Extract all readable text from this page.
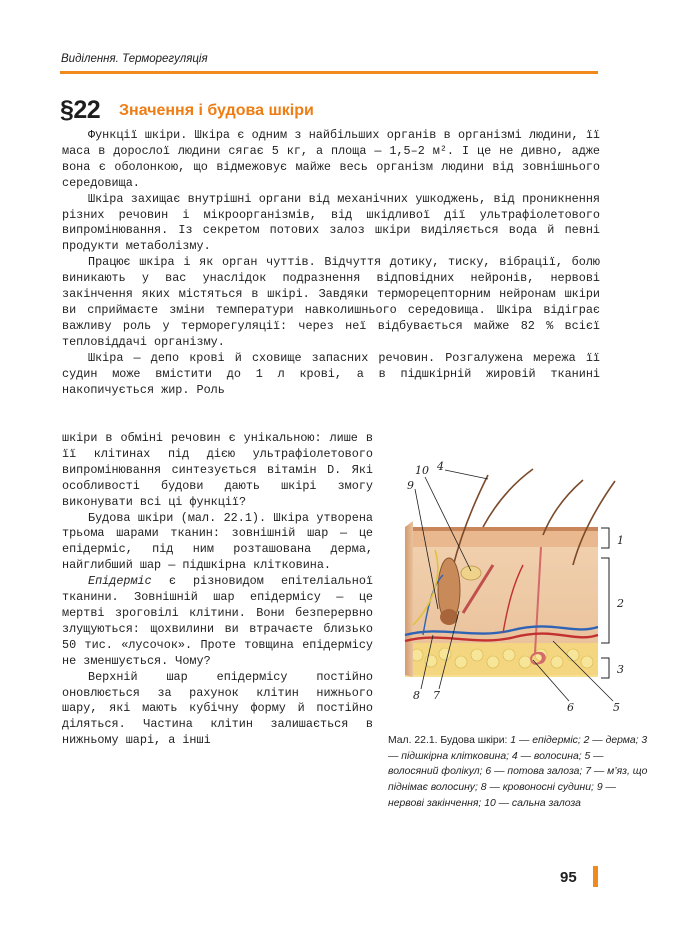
Виділення. Терморегуляція
§22 Значення і будова шкіри

Функції шкіри. Шкіра є одним з найбільших органів в організмі людини, її маса в дорослої людини сягає 5 кг, а площа — 1,5–2 м². І це не дивно, адже вона є оболонкою, що відмежовує майже весь організм людини від зовнішнього середовища.

Шкіра захищає внутрішні органи від механічних ушкоджень, від проникнення різних речовин і мікроорганізмів, від шкідливої дії ультрафіолетового випромінювання. Із секретом потових залоз шкіри виділяється вода й певні продукти метаболізму.

Працює шкіра і як орган чуттів. Відчуття дотику, тиску, вібрації, болю виникають у вас унаслідок подразнення відповідних нейронів, нервові закінчення яких містяться в шкірі. Завдяки терморецепторним нейронам шкіри ви сприймаєте зміни температури навколишнього середовища. Шкіра відіграє важливу роль у терморегуляції: через неї відбувається майже 82 % всієї тепловіддачі організму.

Шкіра — депо крові й сховище запасних речовин. Розгалужена мережа її судин може вмістити до 1 л крові, а в підшкірній жировій тканині накопичується жир. Роль

шкіри в обміні речовин є унікальною: лише в її клітинах під дією ультрафіолетового випромінювання синтезується вітамін D. Які особливості будови дають шкірі змогу виконувати всі ці функції?

Будова шкіри (мал. 22.1). Шкіра утворена трьома шарами тканин: зовнішній шар — це епідерміс, під ним розташована дерма, найглибший шар — підшкірна клітковина.

Епідерміс є різновидом епітеліальної тканини. Зовнішній шар епідермісу — це мертві зроговілі клітини. Вони безперервно злущуються: щохвилини ви втрачаєте близько 50 тис. «лусочок». Проте товщина епідермісу не зменшується. Чому?

Верхній шар епідермісу постійно оновлюється за рахунок клітин нижнього шару, які мають кубічну форму й постійно діляться. Частина клітин залишається в нижньому шарі, а інші

1
2
3
4
5
6
7
8
9
10
Мал. 22.1. Будова шкіри: 1 — епідерміс; 2 — дерма; 3 — підшкірна клітковина; 4 — волосина; 5 — волосяний фолікул; 6 — потова залоза; 7 — м’яз, що піднімає волосину; 8 — кровоносні судини; 9 — нервові закінчення; 10 — сальна залоза
95
